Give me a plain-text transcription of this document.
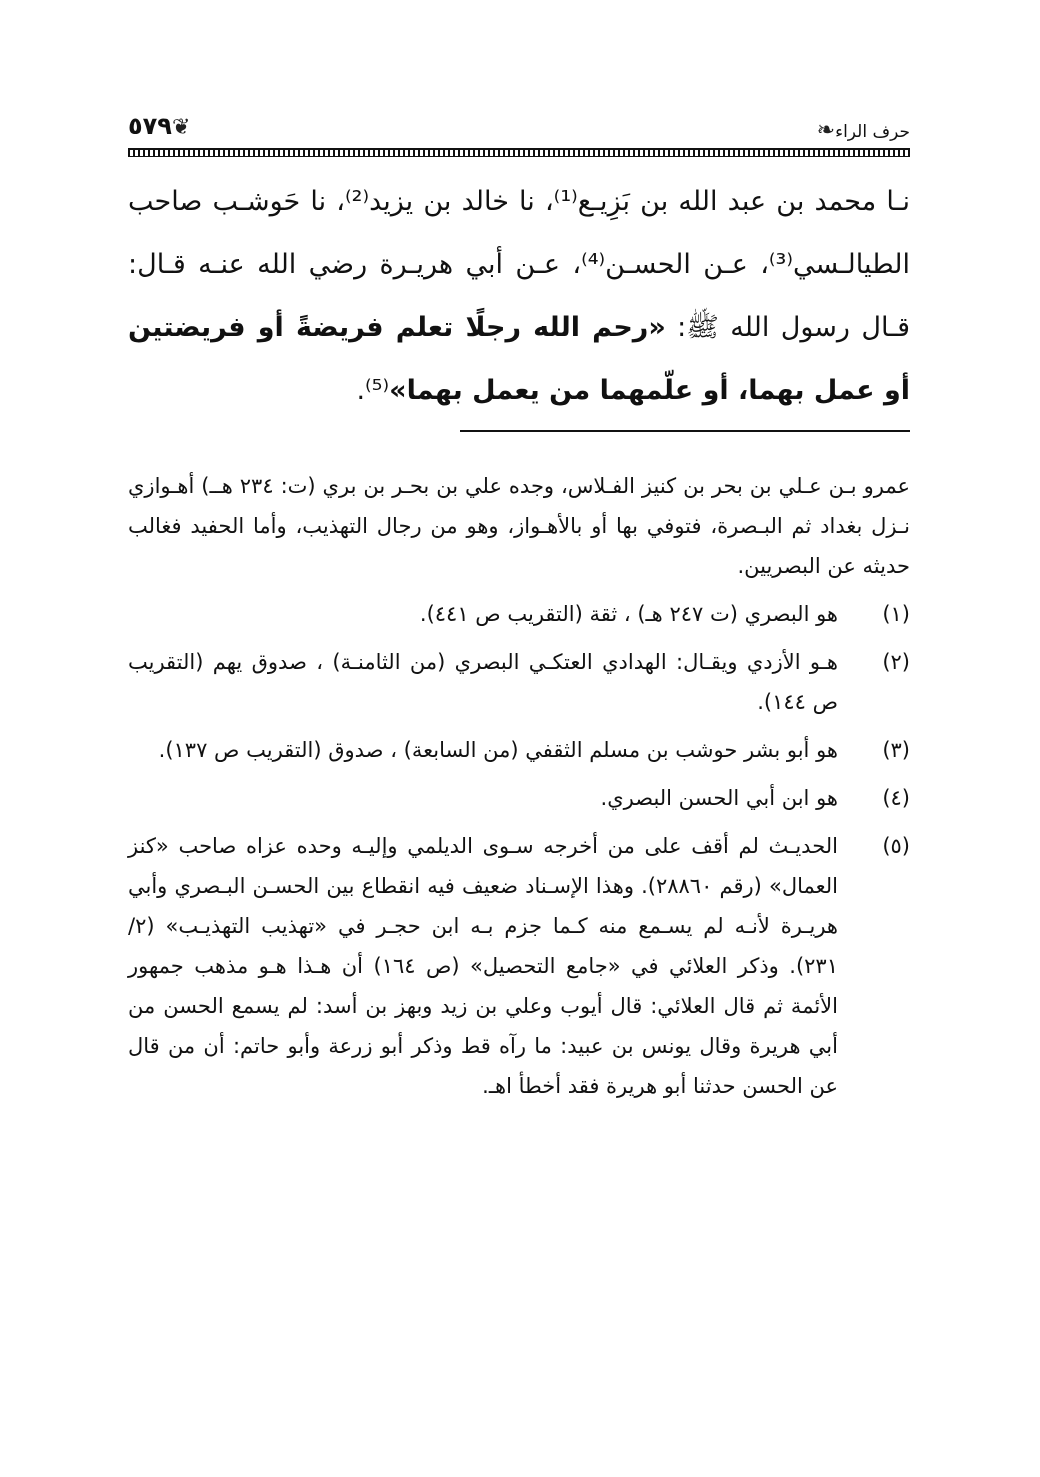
❦٥٧٩	حرف الراء❧

نـا محمد بن عبد الله بن بَزِيـع⁽¹⁾، نا خالد بن يزيد⁽²⁾، نا حَوشـب صاحب الطيالـسي⁽³⁾، عـن الحسـن⁽⁴⁾، عـن أبي هريـرة رضي الله عنـه قـال: قـال رسول الله ﷺ: «رحم الله رجلًا تعلم فريضةً أو فريضتين أو عمل بهما، أو علّمهما من يعمل بهما»⁽⁵⁾.

عمرو بـن عـلي بن بحر بن كنيز الفـلاس، وجده علي بن بحـر بن بري (ت: ٢٣٤ هــ) أهـوازي نـزل بغداد ثم البـصرة، فتوفي بها أو بالأهـواز، وهو من رجال التهذيب، وأما الحفيد فغالب حديثه عن البصريين.

(١)
هو البصري (ت ٢٤٧ هـ) ، ثقة (التقريب ص ٤٤١).
(٢)
هـو الأزدي ويقـال: الهدادي العتكـي البصري (من الثامنـة) ، صدوق يهم (التقريب ص ١٤٤).
(٣)
هو أبو بشر حوشب بن مسلم الثقفي (من السابعة) ، صدوق (التقريب ص ١٣٧).
(٤)
هو ابن أبي الحسن البصري.
(٥)
الحديـث لم أقف على من أخرجه سـوى الديلمي وإليـه وحده عزاه صاحب «كنز العمال» (رقم ٢٨٨٦٠). وهذا الإسـناد ضعيف فيه انقطاع بين الحسـن البـصري وأبي هريـرة لأنـه لم يسـمع منه كـما جزم بـه ابن حجـر في «تهذيب التهذيـب» (٢/ ٢٣١). وذكر العلائي في «جامع التحصيل» (ص ١٦٤) أن هـذا هـو مذهب جمهور الأئمة ثم قال العلائي: قال أيوب وعلي بن زيد وبهز بن أسد: لم يسمع الحسن من أبي هريرة وقال يونس بن عبيد: ما رآه قط وذكر أبو زرعة وأبو حاتم: أن من قال عن الحسن حدثنا أبو هريرة فقد أخطأ اهـ.
